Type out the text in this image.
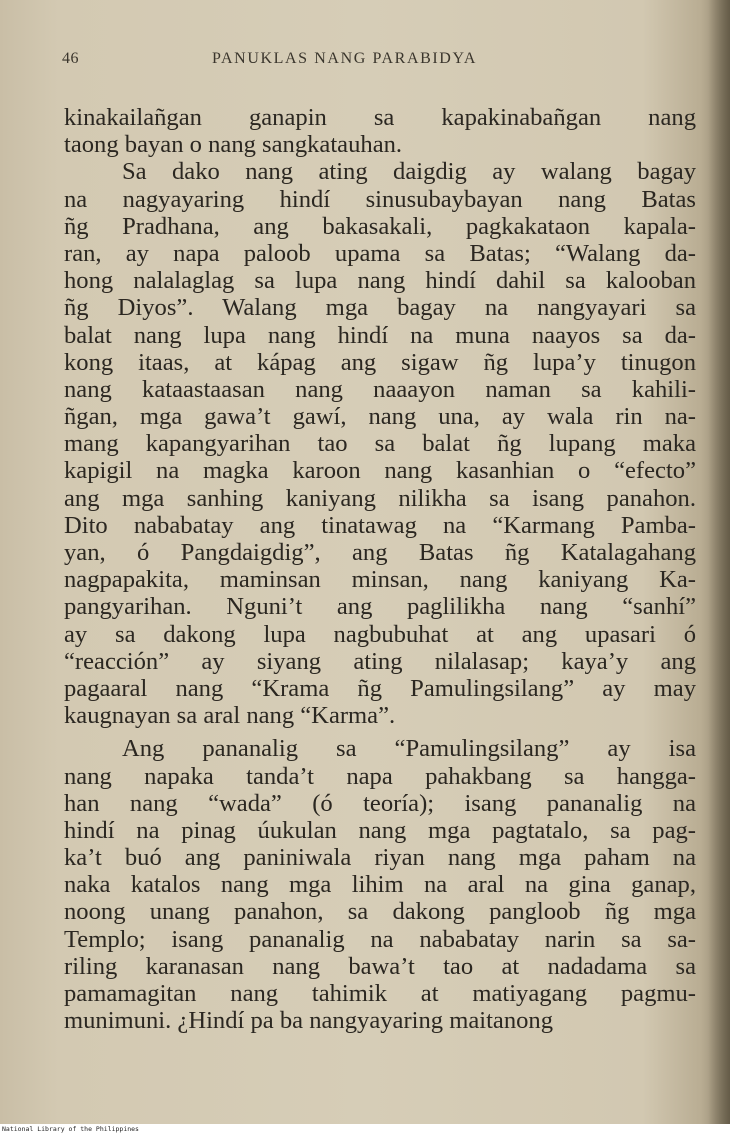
46	PANUKLAS NANG PARABIDYA
kinakailañgan ganapin sa kapakinabañgan nang
taong bayan o nang sangkatauhan.
Sa dako nang ating daigdig ay walang bagay
na nagyayaring hindí sinusubaybayan nang Batas
ñg Pradhana, ang bakasakali, pagkakataon kapala-
ran, ay napa paloob upama sa Batas; “Walang da-
hong nalalaglag sa lupa nang hindí dahil sa kalooban
ñg Diyos”. Walang mga bagay na nangyayari sa
balat nang lupa nang hindí na muna naayos sa da-
kong itaas, at kápag ang sigaw ñg lupa’y tinugon
nang kataastaasan nang naaayon naman sa kahili-
ñgan, mga gawa’t gawí, nang una, ay wala rin na-
mang kapangyarihan tao sa balat ñg lupang maka
kapigil na magka karoon nang kasanhian o “efecto”
ang mga sanhing kaniyang nilikha sa isang panahon.
Dito nababatay ang tinatawag na “Karmang Pamba-
yan, ó Pangdaigdig”, ang Batas ñg Katalagahang
nagpapakita, maminsan minsan, nang kaniyang Ka-
pangyarihan. Nguni’t ang paglilikha nang “sanhí”
ay sa dakong lupa nagbubuhat at ang upasari ó
“reacción” ay siyang ating nilalasap; kaya’y ang
pagaaral nang “Krama ñg Pamulingsilang” ay may
kaugnayan sa aral nang “Karma”.
Ang pananalig sa “Pamulingsilang” ay isa
nang napaka tanda’t napa pahakbang sa hangga-
han nang “wada” (ó teoría); isang pananalig na
hindí na pinag úukulan nang mga pagtatalo, sa pag-
ka’t buó ang paniniwala riyan nang mga paham na
naka katalos nang mga lihim na aral na gina ganap,
noong unang panahon, sa dakong pangloob ñg mga
Templo; isang pananalig na nababatay narin sa sa-
riling karanasan nang bawa’t tao at nadadama sa
pamamagitan nang tahimik at matiyagang pagmu-
munimuni. ¿Hindí pa ba nangyayaring maitanong
National Library of the Philippines
